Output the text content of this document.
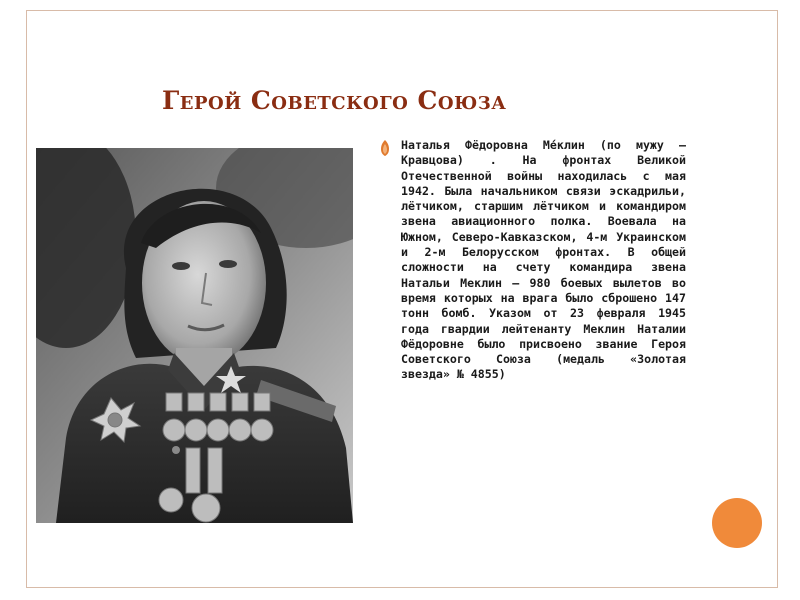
Герой Советского Союза
Наталья Фёдоровна Ме́клин (по мужу — Кравцова) . На фронтах Великой Отечественной войны находилась с мая 1942. Была начальником связи эскадрильи, лётчиком, старшим лётчиком и командиром звена авиационного полка. Воевала на Южном, Северо-Кавказском, 4-м Украинском и 2-м Белорусском фронтах. В общей сложности на счету командира звена Натальи Меклин — 980 боевых вылетов во время которых на врага было сброшено 147 тонн бомб. Указом от 23 февраля 1945 года гвардии лейтенанту Меклин Наталии Фёдоровне было присвоено звание Героя Советского Союза (медаль «Золотая звезда» № 4855)
